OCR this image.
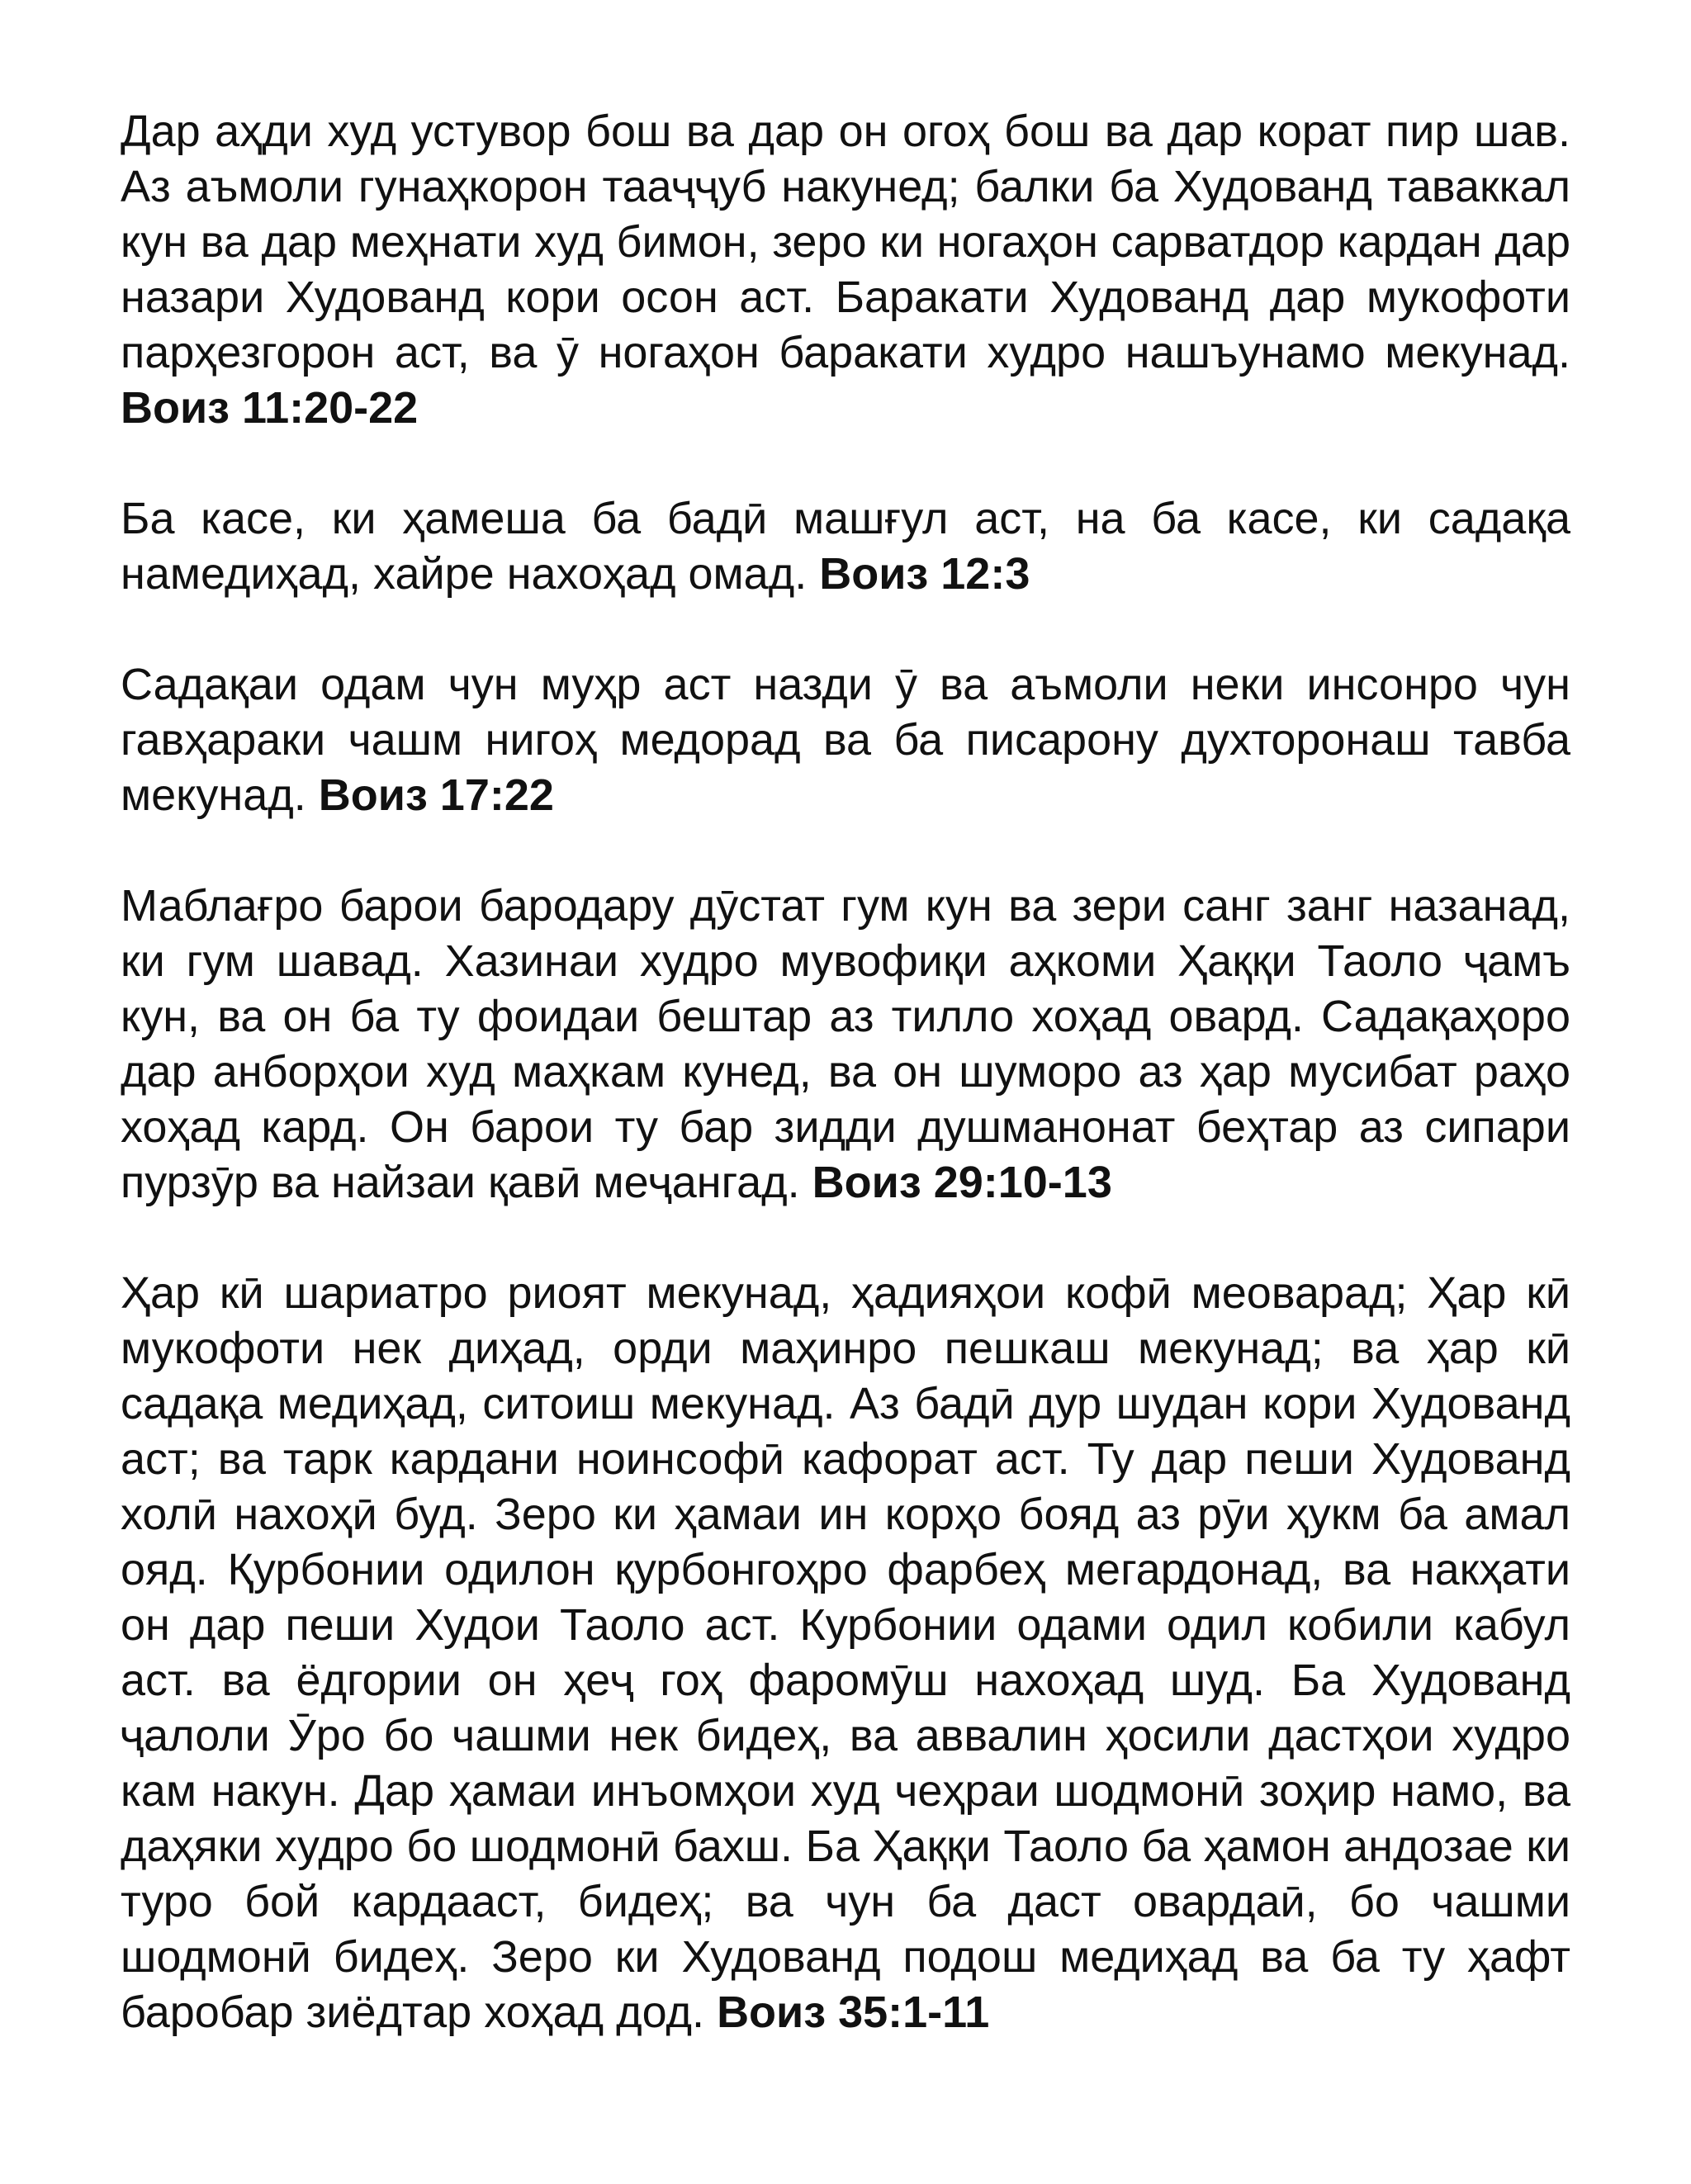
Дар аҳди худ устувор бош ва дар он огоҳ бош ва дар корат пир шав. Аз аъмоли гунаҳкорон тааҷҷуб накунед; балки ба Худованд таваккал кун ва дар меҳнати худ бимон, зеро ки ногаҳон сарватдор кардан дар назари Худованд кори осон аст. Баракати Худованд дар мукофоти парҳезгорон аст, ва ӯ ногаҳон баракати худро нашъунамо мекунад. Воиз 11:20-22

Ба касе, ки ҳамеша ба бадӣ машғул аст, на ба касе, ки садақа намедиҳад, хайре нахоҳад омад. Воиз 12:3

Садақаи одам чун муҳр аст назди ӯ ва аъмоли неки инсонро чун гавҳараки чашм нигоҳ медорад ва ба писарону духторонаш тавба мекунад. Воиз 17:22

Маблағро барои бародару дӯстат гум кун ва зери санг занг назанад, ки гум шавад. Хазинаи худро мувофиқи аҳкоми Ҳаққи Таоло ҷамъ кун, ва он ба ту фоидаи бештар аз тилло хоҳад овард. Садақаҳоро дар анборҳои худ маҳкам кунед, ва он шуморо аз ҳар мусибат раҳо хоҳад кард. Он барои ту бар зидди душманонат беҳтар аз сипари пурзӯр ва найзаи қавӣ меҷангад. Воиз 29:10-13

Ҳар кӣ шариатро риоят мекунад, ҳадияҳои кофӣ меоварад; Ҳар кӣ мукофоти нек диҳад, орди маҳинро пешкаш мекунад; ва ҳар кӣ садақа медиҳад, ситоиш мекунад. Аз бадӣ дур шудан кори Худованд аст; ва тарк кардани ноинсофӣ кафорат аст. Ту дар пеши Худованд холӣ нахоҳӣ буд. Зеро ки ҳамаи ин корҳо бояд аз рӯи ҳукм ба амал ояд. Қурбонии одилон қурбонгоҳро фарбеҳ мегардонад, ва накҳати он дар пеши Худои Таоло аст. Курбонии одами одил кобили кабул аст. ва ёдгории он ҳеҷ гоҳ фаромӯш нахоҳад шуд. Ба Худованд ҷалоли Ӯро бо чашми нек бидеҳ, ва аввалин ҳосили дастҳои худро кам накун. Дар ҳамаи инъомҳои худ чеҳраи шодмонӣ зоҳир намо, ва даҳяки худро бо шодмонӣ бахш. Ба Ҳаққи Таоло ба ҳамон андозае ки туро бой кардааст, бидеҳ; ва чун ба даст овардаӣ, бо чашми шодмонӣ бидеҳ. Зеро ки Худованд подош медиҳад ва ба ту ҳафт баробар зиёдтар хоҳад дод. Воиз 35:1-11
